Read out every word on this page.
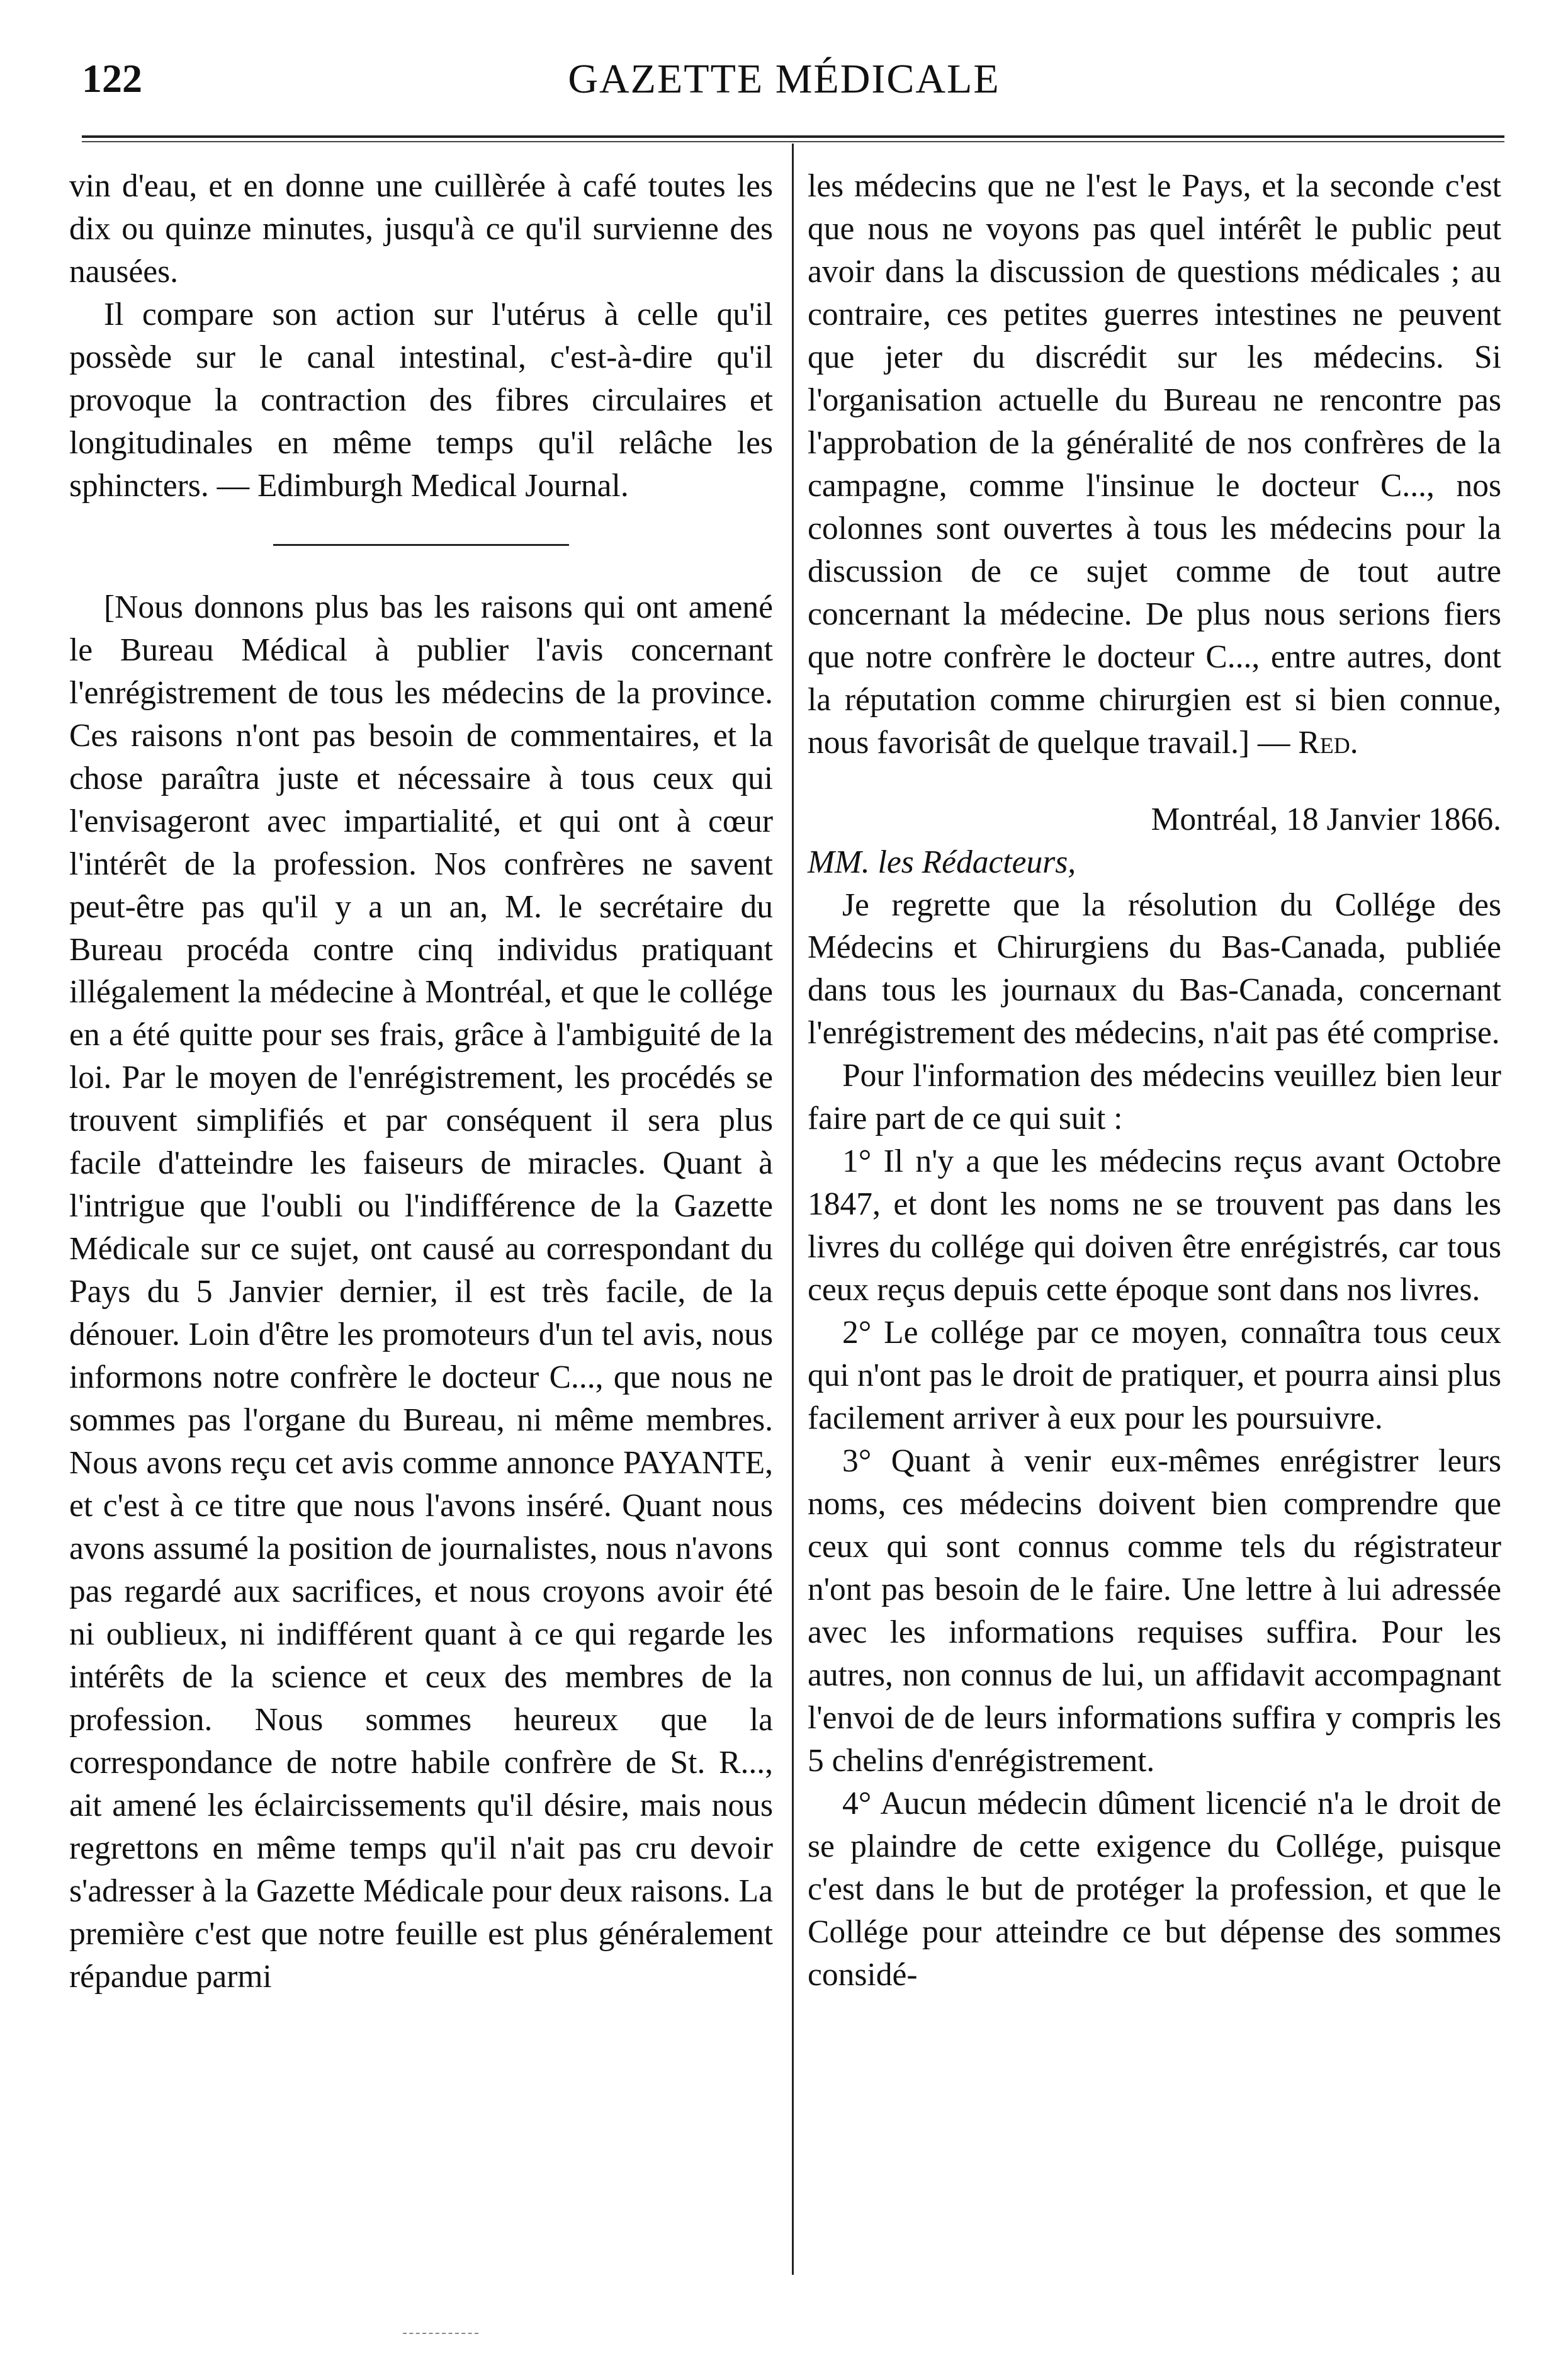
122	GAZETTE MÉDICALE

vin d'eau, et en donne une cuillèrée à café toutes les dix ou quinze minutes, jusqu'à ce qu'il survienne des nausées.

Il compare son action sur l'utérus à celle qu'il possède sur le canal intestinal, c'est-à-dire qu'il provoque la contraction des fibres circulaires et longitudinales en même temps qu'il relâche les sphincters. — Edimburgh Medical Journal.

[Nous donnons plus bas les raisons qui ont amené le Bureau Médical à publier l'avis concernant l'enrégistrement de tous les médecins de la province. Ces raisons n'ont pas besoin de commentaires, et la chose paraîtra juste et nécessaire à tous ceux qui l'envisageront avec impartialité, et qui ont à cœur l'intérêt de la profession. Nos confrères ne savent peut-être pas qu'il y a un an, M. le secrétaire du Bureau procéda contre cinq individus pratiquant illégalement la médecine à Montréal, et que le collége en a été quitte pour ses frais, grâce à l'ambiguité de la loi. Par le moyen de l'enrégistrement, les procédés se trouvent simplifiés et par conséquent il sera plus facile d'atteindre les faiseurs de miracles. Quant à l'intrigue que l'oubli ou l'indifférence de la Gazette Médicale sur ce sujet, ont causé au correspondant du Pays du 5 Janvier dernier, il est très facile, de la dénouer. Loin d'être les promoteurs d'un tel avis, nous informons notre confrère le docteur C..., que nous ne sommes pas l'organe du Bureau, ni même membres. Nous avons reçu cet avis comme annonce PAYANTE, et c'est à ce titre que nous l'avons inséré. Quant nous avons assumé la position de journalistes, nous n'avons pas regardé aux sacrifices, et nous croyons avoir été ni oublieux, ni indifférent quant à ce qui regarde les intérêts de la science et ceux des membres de la profession. Nous sommes heureux que la correspondance de notre habile confrère de St. R..., ait amené les éclaircissements qu'il désire, mais nous regrettons en même temps qu'il n'ait pas cru devoir s'adresser à la Gazette Médicale pour deux raisons. La première c'est que notre feuille est plus généralement répandue parmi

les médecins que ne l'est le Pays, et la seconde c'est que nous ne voyons pas quel intérêt le public peut avoir dans la discussion de questions médicales ; au contraire, ces petites guerres intestines ne peuvent que jeter du discrédit sur les médecins. Si l'organisation actuelle du Bureau ne rencontre pas l'approbation de la généralité de nos confrères de la campagne, comme l'insinue le docteur C..., nos colonnes sont ouvertes à tous les médecins pour la discussion de ce sujet comme de tout autre concernant la médecine. De plus nous serions fiers que notre confrère le docteur C..., entre autres, dont la réputation comme chirurgien est si bien connue, nous favorisât de quelque travail.] — Red.

Montréal, 18 Janvier 1866.

MM. les Rédacteurs,

Je regrette que la résolution du Collége des Médecins et Chirurgiens du Bas-Canada, publiée dans tous les journaux du Bas-Canada, concernant l'enrégistrement des médecins, n'ait pas été comprise.

Pour l'information des médecins veuillez bien leur faire part de ce qui suit :

1° Il n'y a que les médecins reçus avant Octobre 1847, et dont les noms ne se trouvent pas dans les livres du collége qui doiven être enrégistrés, car tous ceux reçus depuis cette époque sont dans nos livres.

2° Le collége par ce moyen, connaîtra tous ceux qui n'ont pas le droit de pratiquer, et pourra ainsi plus facilement arriver à eux pour les poursuivre.

3° Quant à venir eux-mêmes enrégistrer leurs noms, ces médecins doivent bien comprendre que ceux qui sont connus comme tels du régistrateur n'ont pas besoin de le faire. Une lettre à lui adressée avec les informations requises suffira. Pour les autres, non connus de lui, un affidavit accompagnant l'envoi de de leurs informations suffira y compris les 5 chelins d'enrégistrement.

4° Aucun médecin dûment licencié n'a le droit de se plaindre de cette exigence du Collége, puisque c'est dans le but de protéger la profession, et que le Collége pour atteindre ce but dépense des sommes considé-
